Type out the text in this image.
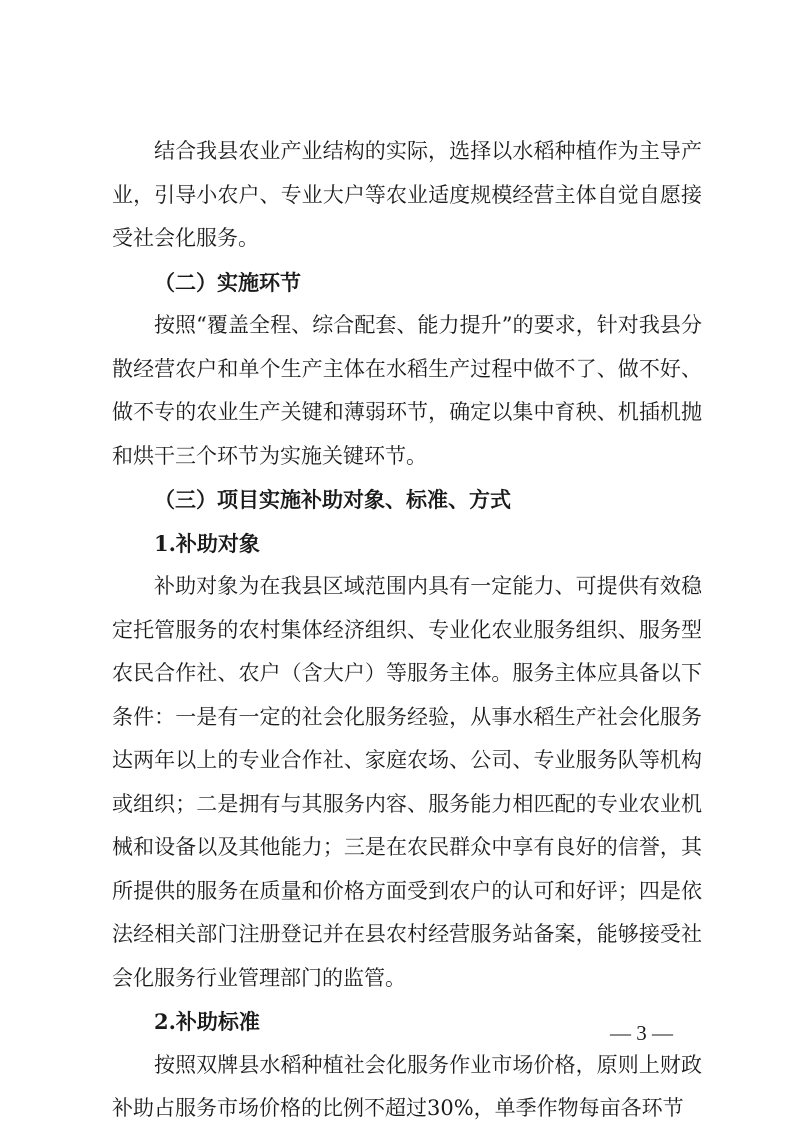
结合我县农业产业结构的实际，选择以水稻种植作为主导产业，引导小农户、专业大户等农业适度规模经营主体自觉自愿接受社会化服务。

（二）实施环节

按照“覆盖全程、综合配套、能力提升”的要求，针对我县分散经营农户和单个生产主体在水稻生产过程中做不了、做不好、做不专的农业生产关键和薄弱环节，确定以集中育秧、机插机抛和烘干三个环节为实施关键环节。

（三）项目实施补助对象、标准、方式

1.补助对象

补助对象为在我县区域范围内具有一定能力、可提供有效稳定托管服务的农村集体经济组织、专业化农业服务组织、服务型农民合作社、农户（含大户）等服务主体。服务主体应具备以下条件：一是有一定的社会化服务经验，从事水稻生产社会化服务达两年以上的专业合作社、家庭农场、公司、专业服务队等机构或组织；二是拥有与其服务内容、服务能力相匹配的专业农业机械和设备以及其他能力；三是在农民群众中享有良好的信誉，其所提供的服务在质量和价格方面受到农户的认可和好评；四是依法经相关部门注册登记并在县农村经营服务站备案，能够接受社会化服务行业管理部门的监管。

2.补助标准

按照双牌县水稻种植社会化服务作业市场价格，原则上财政补助占服务市场价格的比例不超过30%，单季作物每亩各环节

— 3 —
